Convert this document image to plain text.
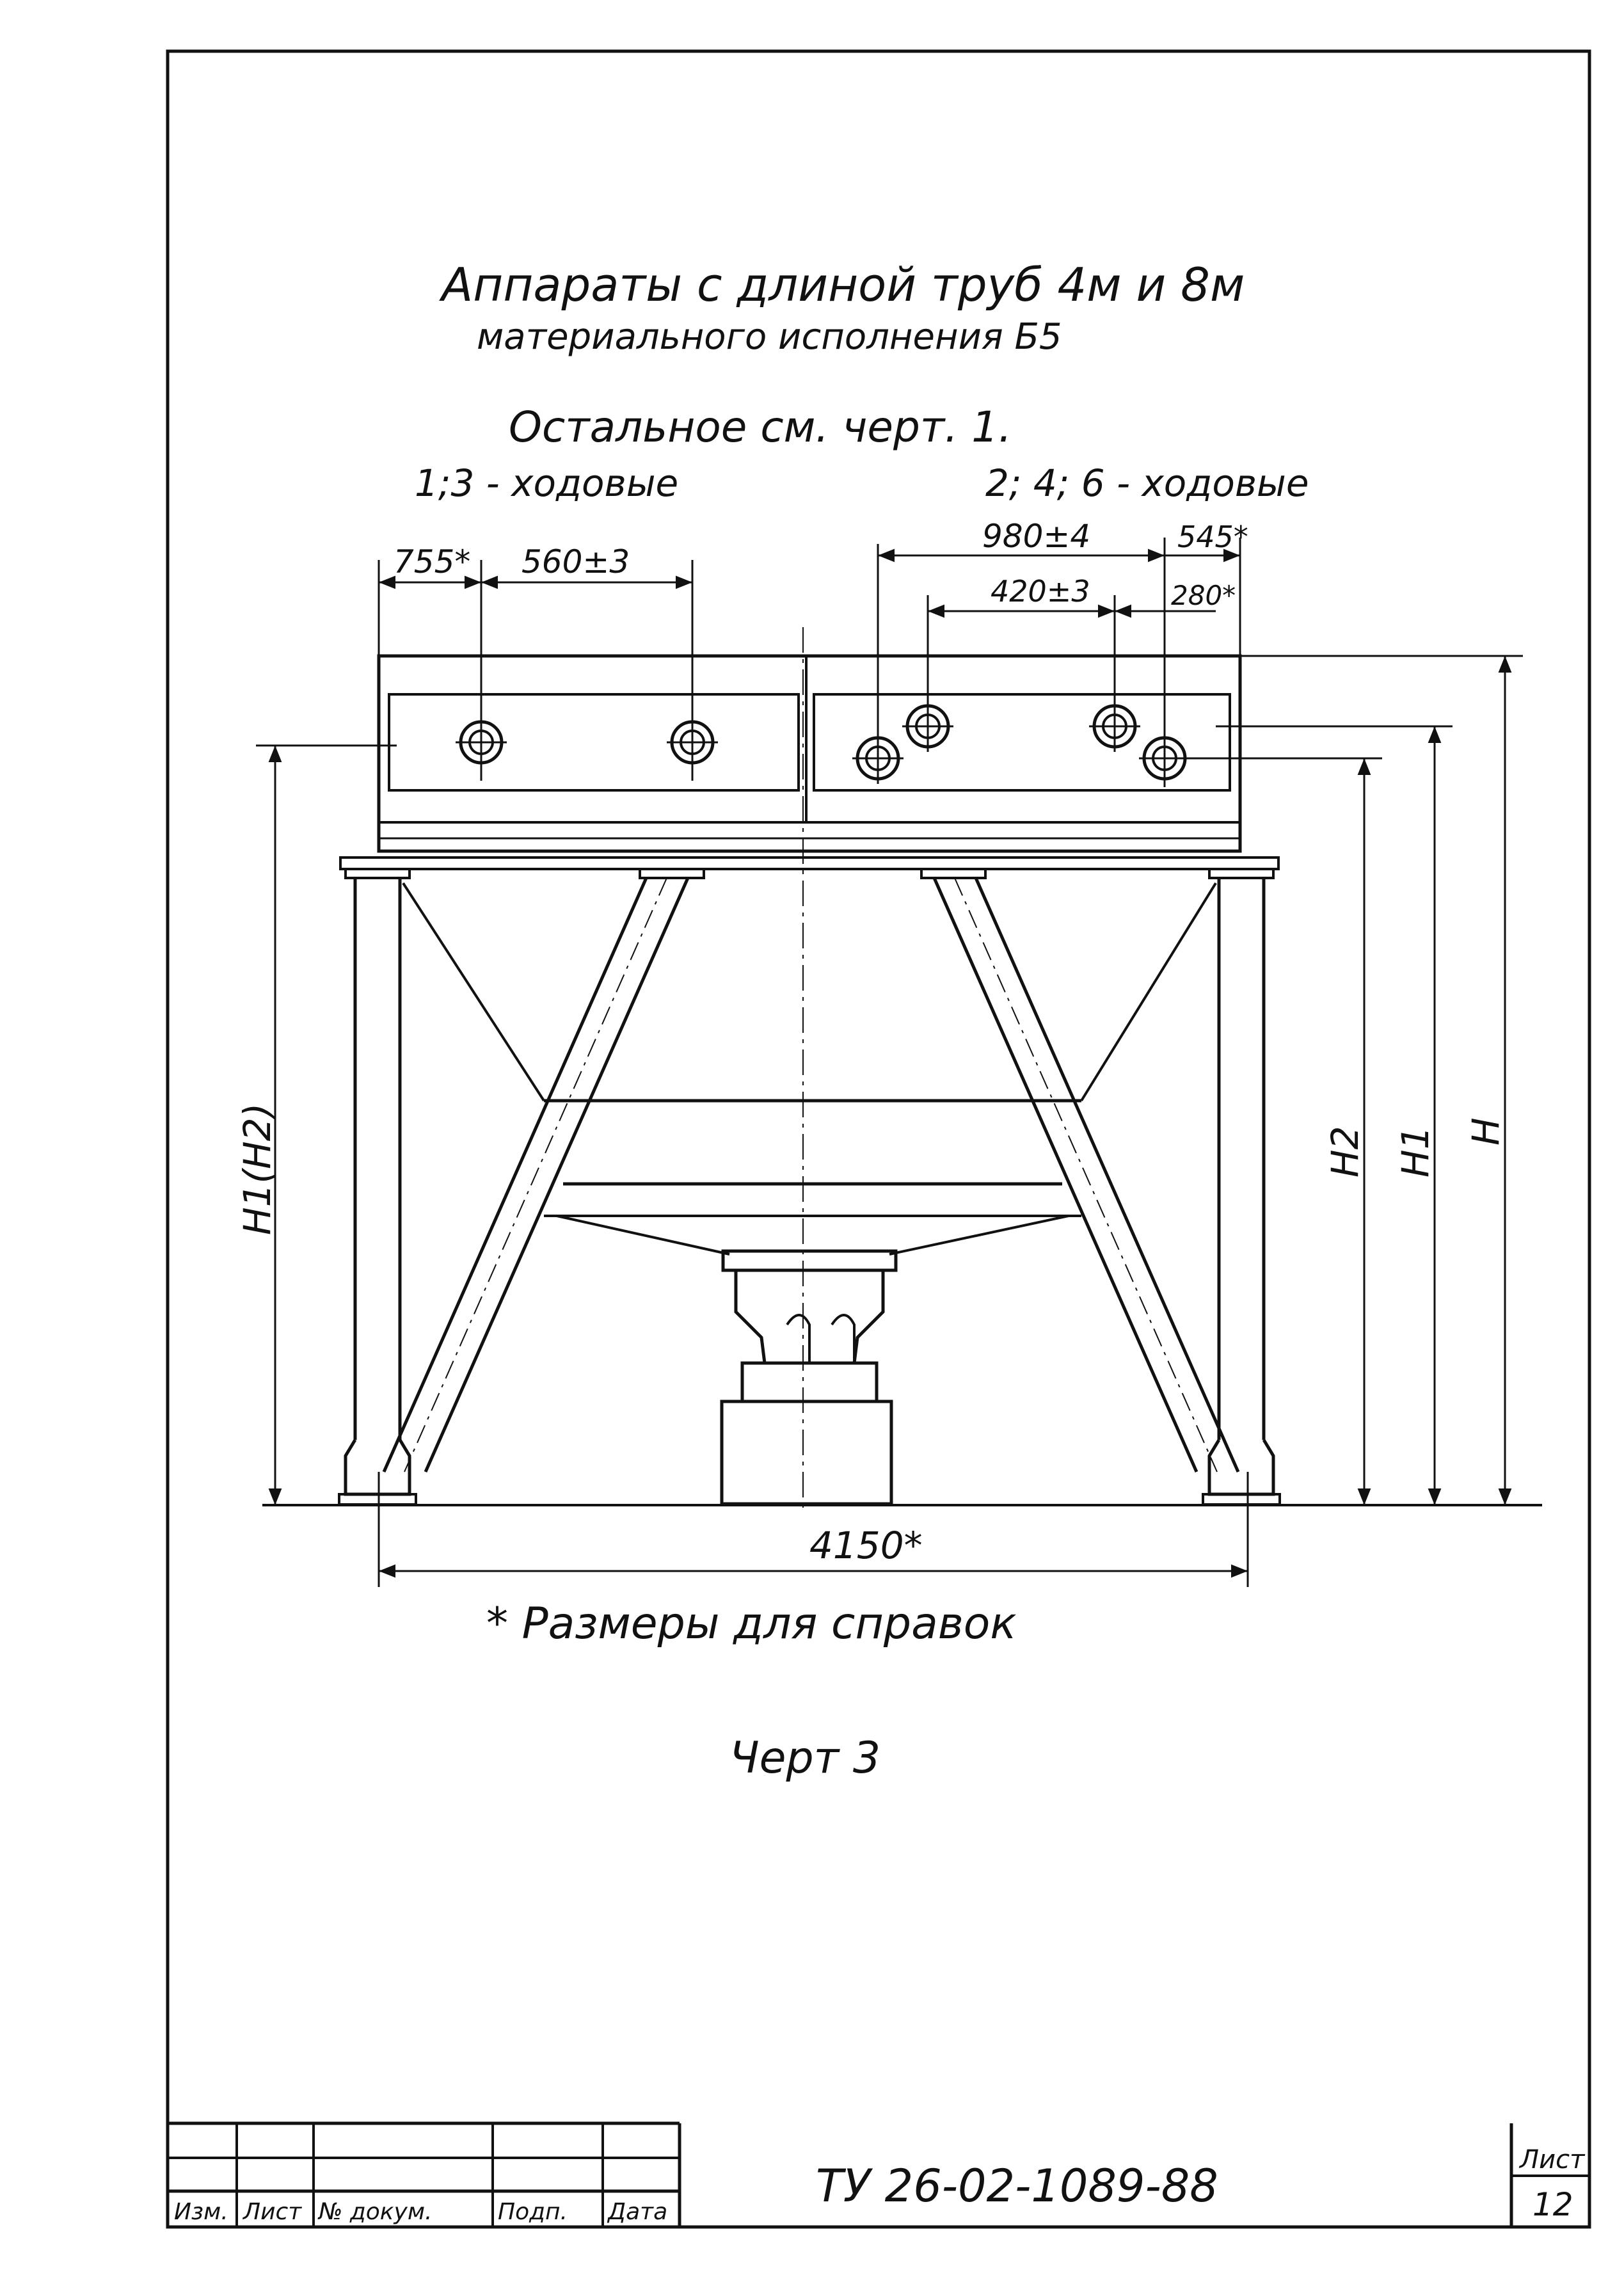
Аппараты с длиной труб 4м и 8м
материального исполнения Б5
Остальное см. черт. 1.
1;3 - ходовые	2; 4; 6 - ходовые
755* 560±3
980±4	545*
420±3	280*
H1(H2)	H2 H1 H
4150*
* Размеры для справок
Черт 3
Изм. Лист № докум.	Подп. Дата	ТУ 26-02-1089-88	Лист
12
